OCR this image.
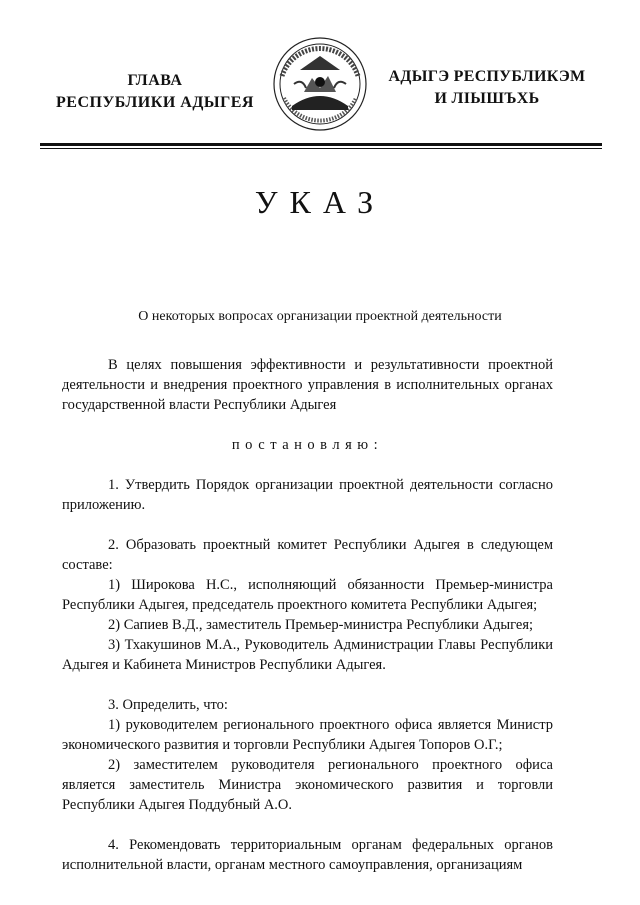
ГЛАВА
РЕСПУБЛИКИ АДЫГЕЯ
АДЫГЭ РЕСПУБЛИКЭМ
И ЛІЫШЪХЬ
УКАЗ
О некоторых вопросах организации проектной деятельности

В целях повышения эффективности и результативности проектной деятельности и внедрения проектного управления в исполнительных органах государственной власти Республики Адыгея

постановляю:

1. Утвердить Порядок организации проектной деятельности согласно приложению.

2. Образовать проектный комитет Республики Адыгея в следующем составе:

1) Широкова Н.С., исполняющий обязанности Премьер-министра Республики Адыгея, председатель проектного комитета Республики Адыгея;

2) Сапиев В.Д., заместитель Премьер-министра Республики Адыгея;

3) Тхакушинов М.А., Руководитель Администрации Главы Республики Адыгея и Кабинета Министров Республики Адыгея.

3. Определить, что:

1) руководителем регионального проектного офиса является Министр экономического развития и торговли Республики Адыгея Топоров О.Г.;

2) заместителем руководителя регионального проектного офиса является заместитель Министра экономического развития и торговли Республики Адыгея Поддубный А.О.

4. Рекомендовать территориальным органам федеральных органов исполнительной власти, органам местного самоуправления, организациям
